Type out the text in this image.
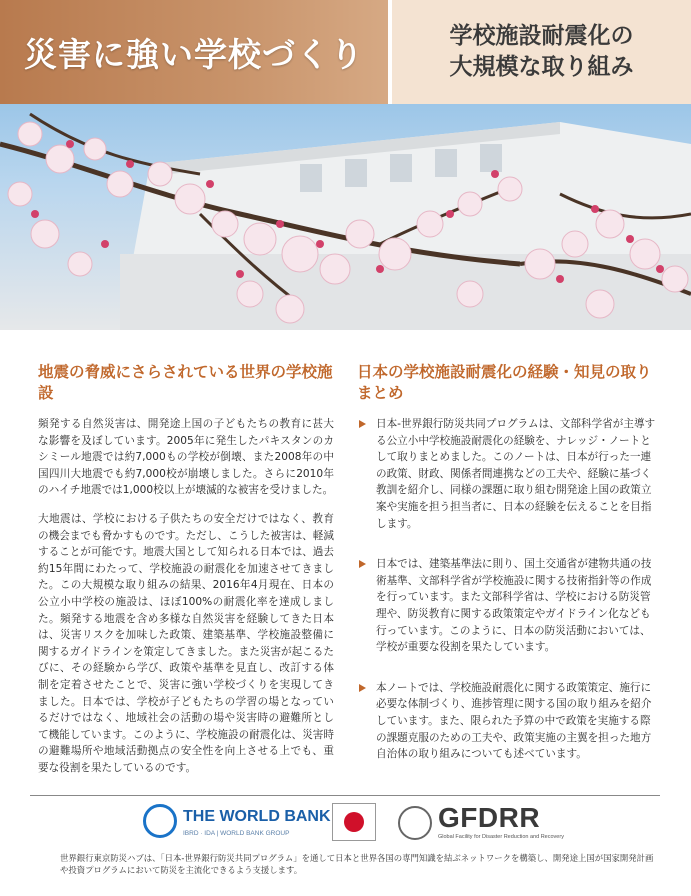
災害に強い学校づくり	学校施設耐震化の
大規模な取り組み
地震の脅威にさらされている世界の学校施設

頻発する自然災害は、開発途上国の子どもたちの教育に甚大な影響を及ぼしています。2005年に発生したパキスタンのカシミール地震では約7,000もの学校が倒壊、また2008年の中国四川大地震でも約7,000校が崩壊しました。さらに2010年のハイチ地震では1,000校以上が壊滅的な被害を受けました。

大地震は、学校における子供たちの安全だけではなく、教育の機会までも脅かすものです。ただし、こうした被害は、軽減することが可能です。地震大国として知られる日本では、過去約15年間にわたって、学校施設の耐震化を加速させてきました。この大規模な取り組みの結果、2016年4月現在、日本の公立小中学校の施設は、ほぼ100%の耐震化率を達成しました。頻発する地震を含め多様な自然災害を経験してきた日本は、災害リスクを加味した政策、建築基準、学校施設整備に関するガイドラインを策定してきました。また災害が起こるたびに、その経験から学び、政策や基準を見直し、改訂する体制を定着させたことで、災害に強い学校づくりを実現してきました。日本では、学校が子どもたちの学習の場となっているだけではなく、地域社会の活動の場や災害時の避難所として機能しています。このように、学校施設の耐震化は、災害時の避難場所や地域活動拠点の安全性を向上させる上でも、重要な役割を果たしているのです。

日本の学校施設耐震化の経験・知見の取りまとめ
日本-世界銀行防災共同プログラムは、文部科学省が主導する公立小中学校施設耐震化の経験を、ナレッジ・ノートとして取りまとめました。このノートは、日本が行った一連の政策、財政、関係者間連携などの工夫や、経験に基づく教訓を紹介し、同様の課題に取り組む開発途上国の政策立案や実施を担う担当者に、日本の経験を伝えることを目指します。
日本では、建築基準法に則り、国土交通省が建物共通の技術基準、文部科学省が学校施設に関する技術指針等の作成を行っています。また文部科学省は、学校における防災管理や、防災教育に関する政策策定やガイドライン化なども行っています。このように、日本の防災活動においては、学校が重要な役割を果たしています。
本ノートでは、学校施設耐震化に関する政策策定、施行に必要な体制づくり、進捗管理に関する国の取り組みを紹介しています。また、限られた予算の中で政策を実施する際の課題克服のための工夫や、政策実施の主翼を担った地方自治体の取り組みについても述べています。
THE WORLD BANK
IBRD · IDA | WORLD BANK GROUP
GFDRR
Global Facility for Disaster Reduction and Recovery
世界銀行東京防災ハブは、「日本-世界銀行防災共同プログラム」を通して日本と世界各国の専門知識を結ぶネットワークを構築し、開発途上国が国家開発計画や投資プログラムにおいて防災を主流化できるよう支援します。
